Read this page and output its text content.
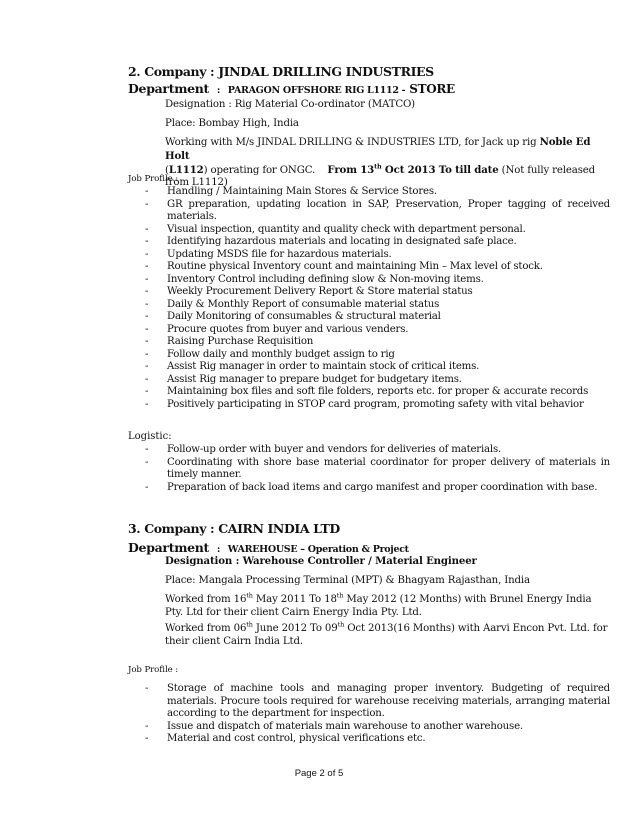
2. Company : JINDAL DRILLING INDUSTRIES
Department : PARAGON OFFSHORE RIG L1112 - STORE
Designation : Rig Material Co-ordinator (MATCO)
Place: Bombay High, India
Working with M/s JINDAL DRILLING & INDUSTRIES LTD, for Jack up rig Noble Ed Holt
(L1112) operating for ONGC. From 13th Oct 2013 To till date (Not fully released from L1112)
Job Profile :
- Handling / Maintaining Main Stores & Service Stores.
- GR preparation, updating location in SAP, Preservation, Proper tagging of received materials.
- Visual inspection, quantity and quality check with department personal.
- Identifying hazardous materials and locating in designated safe place.
- Updating MSDS file for hazardous materials.
- Routine physical Inventory count and maintaining Min – Max level of stock.
- Inventory Control including defining slow & Non-moving items.
- Weekly Procurement Delivery Report & Store material status
- Daily & Monthly Report of consumable material status
- Daily Monitoring of consumables & structural material
- Procure quotes from buyer and various venders.
- Raising Purchase Requisition
- Follow daily and monthly budget assign to rig
- Assist Rig manager in order to maintain stock of critical items.
- Assist Rig manager to prepare budget for budgetary items.
- Maintaining box files and soft file folders, reports etc. for proper & accurate records
- Positively participating in STOP card program, promoting safety with vital behavior
Logistic:
- Follow-up order with buyer and vendors for deliveries of materials.
- Coordinating with shore base material coordinator for proper delivery of materials in timely manner.
- Preparation of back load items and cargo manifest and proper coordination with base.
3. Company : CAIRN INDIA LTD
Department : WAREHOUSE – Operation & Project
Designation : Warehouse Controller / Material Engineer
Place: Mangala Processing Terminal (MPT) & Bhagyam Rajasthan, India
Worked from 16th May 2011 To 18th May 2012 (12 Months) with Brunel Energy India Pty. Ltd for their client Cairn Energy India Pty. Ltd.
Worked from 06th June 2012 To 09th Oct 2013(16 Months) with Aarvi Encon Pvt. Ltd. for their client Cairn India Ltd.
Job Profile :
- Storage of machine tools and managing proper inventory. Budgeting of required materials. Procure tools required for warehouse receiving materials, arranging material according to the department for inspection.
- Issue and dispatch of materials main warehouse to another warehouse.
- Material and cost control, physical verifications etc.
Page 2 of 5
